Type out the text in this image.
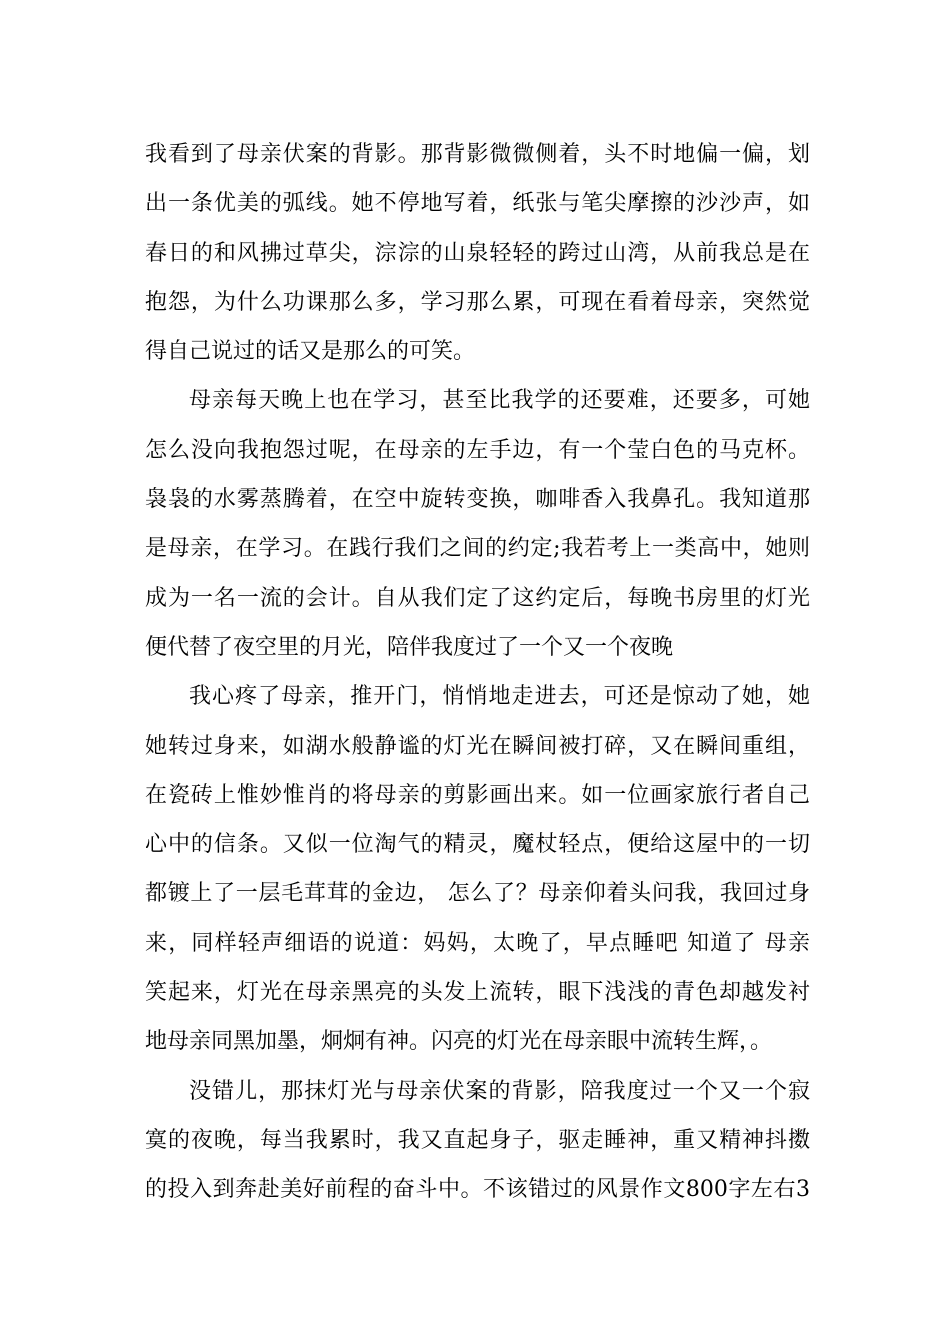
我看到了母亲伏案的背影。那背影微微侧着，头不时地偏一偏，划
出一条优美的弧线。她不停地写着，纸张与笔尖摩擦的沙沙声，如
春日的和风拂过草尖，淙淙的山泉轻轻的跨过山湾，从前我总是在
抱怨，为什么功课那么多，学习那么累，可现在看着母亲，突然觉
得自己说过的话又是那么的可笑。
母亲每天晚上也在学习，甚至比我学的还要难，还要多，可她
怎么没向我抱怨过呢，在母亲的左手边，有一个莹白色的马克杯。
袅袅的水雾蒸腾着，在空中旋转变换，咖啡香入我鼻孔。我知道那
是母亲，在学习。在践行我们之间的约定;我若考上一类高中，她则
成为一名一流的会计。自从我们定了这约定后，每晚书房里的灯光
便代替了夜空里的月光，陪伴我度过了一个又一个夜晚
我心疼了母亲，推开门，悄悄地走进去，可还是惊动了她，她
她转过身来，如湖水般静谧的灯光在瞬间被打碎，又在瞬间重组，
在瓷砖上惟妙惟肖的将母亲的剪影画出来。如一位画家旅行者自己
心中的信条。又似一位淘气的精灵，魔杖轻点，便给这屋中的一切
都镀上了一层毛茸茸的金边， 怎么了？母亲仰着头问我，我回过身
来，同样轻声细语的说道：妈妈，太晚了，早点睡吧 知道了 母亲
笑起来，灯光在母亲黑亮的头发上流转，眼下浅浅的青色却越发衬
地母亲同黑加墨，炯炯有神。闪亮的灯光在母亲眼中流转生辉，。
没错儿，那抹灯光与母亲伏案的背影，陪我度过一个又一个寂
寞的夜晚，每当我累时，我又直起身子，驱走睡神，重又精神抖擞
的投入到奔赴美好前程的奋斗中。不该错过的风景作文800字左右3
